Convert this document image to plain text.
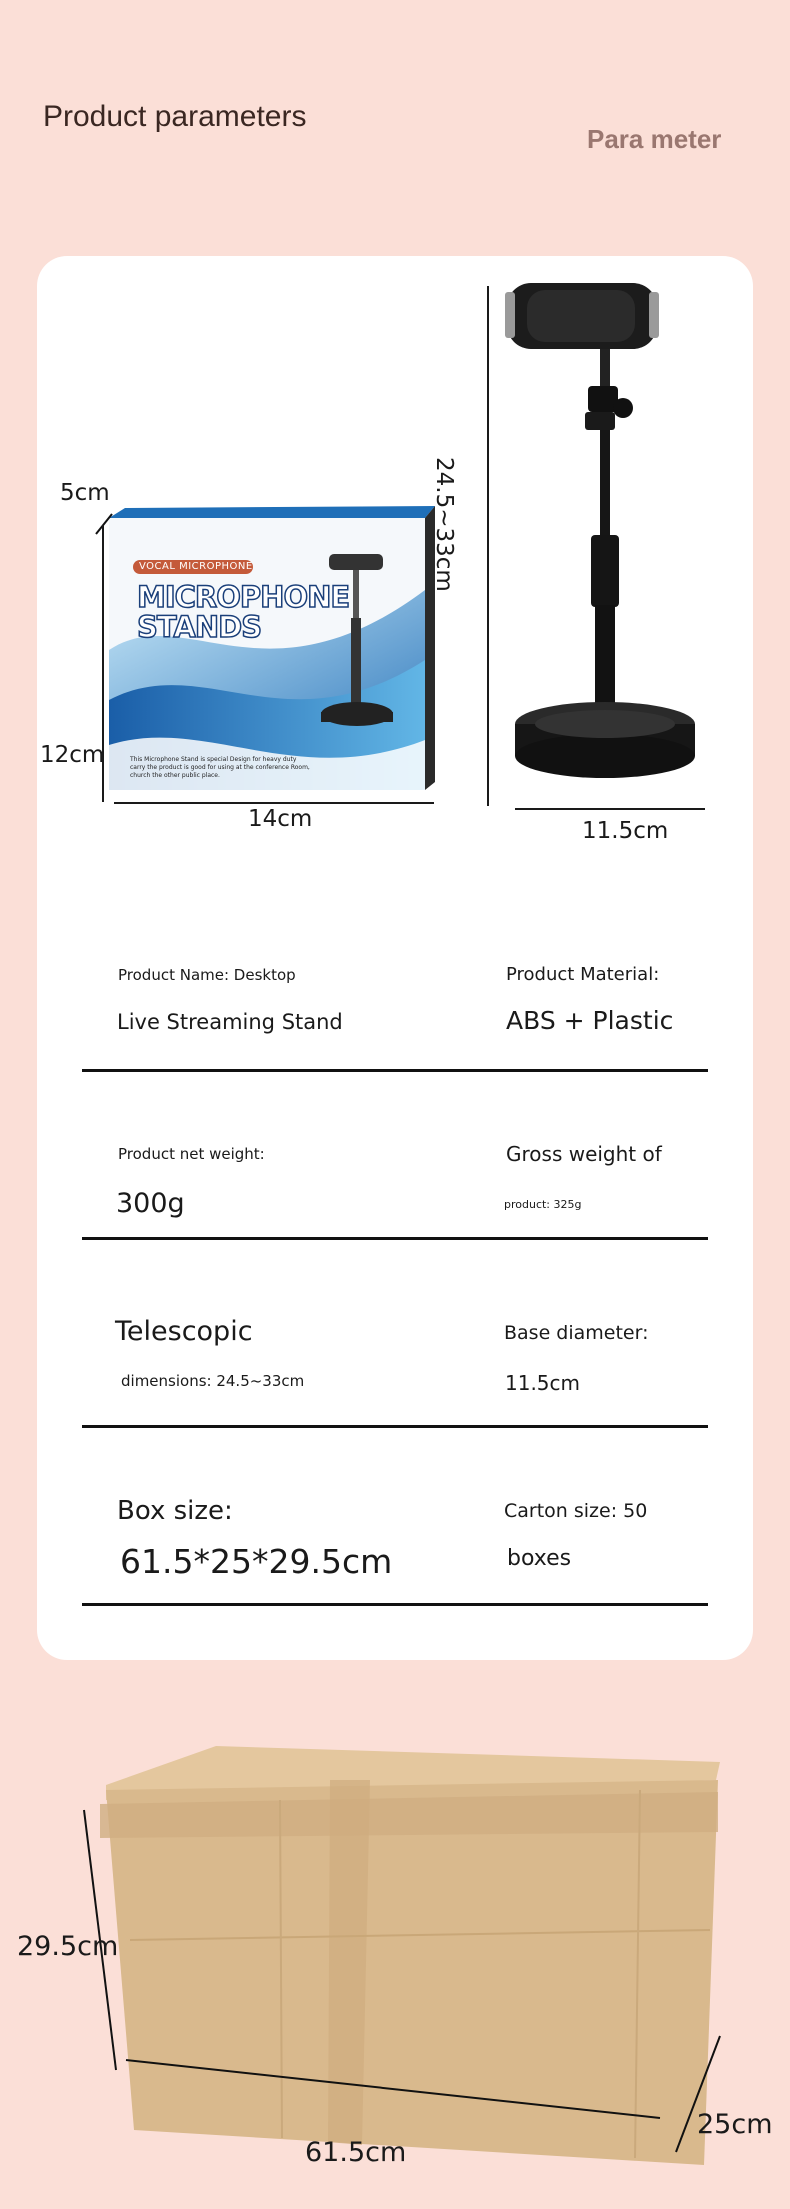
Product parameters
Para meter
VOCAL MICROPHONE
MICROPHONE
STANDS
This Microphone Stand is special Design for heavy duty carry the product is good for using at the conference Room, church the other public place.
5cm
12cm
14cm
24.5~33cm
11.5cm
Product Name: Desktop
Live Streaming Stand
Product Material:
ABS + Plastic
Product net weight:
300g
Gross weight of
product: 325g
Telescopic
dimensions: 24.5~33cm
Base diameter:
11.5cm
Box size:
61.5*25*29.5cm
Carton size: 50
boxes
29.5cm
61.5cm
25cm
